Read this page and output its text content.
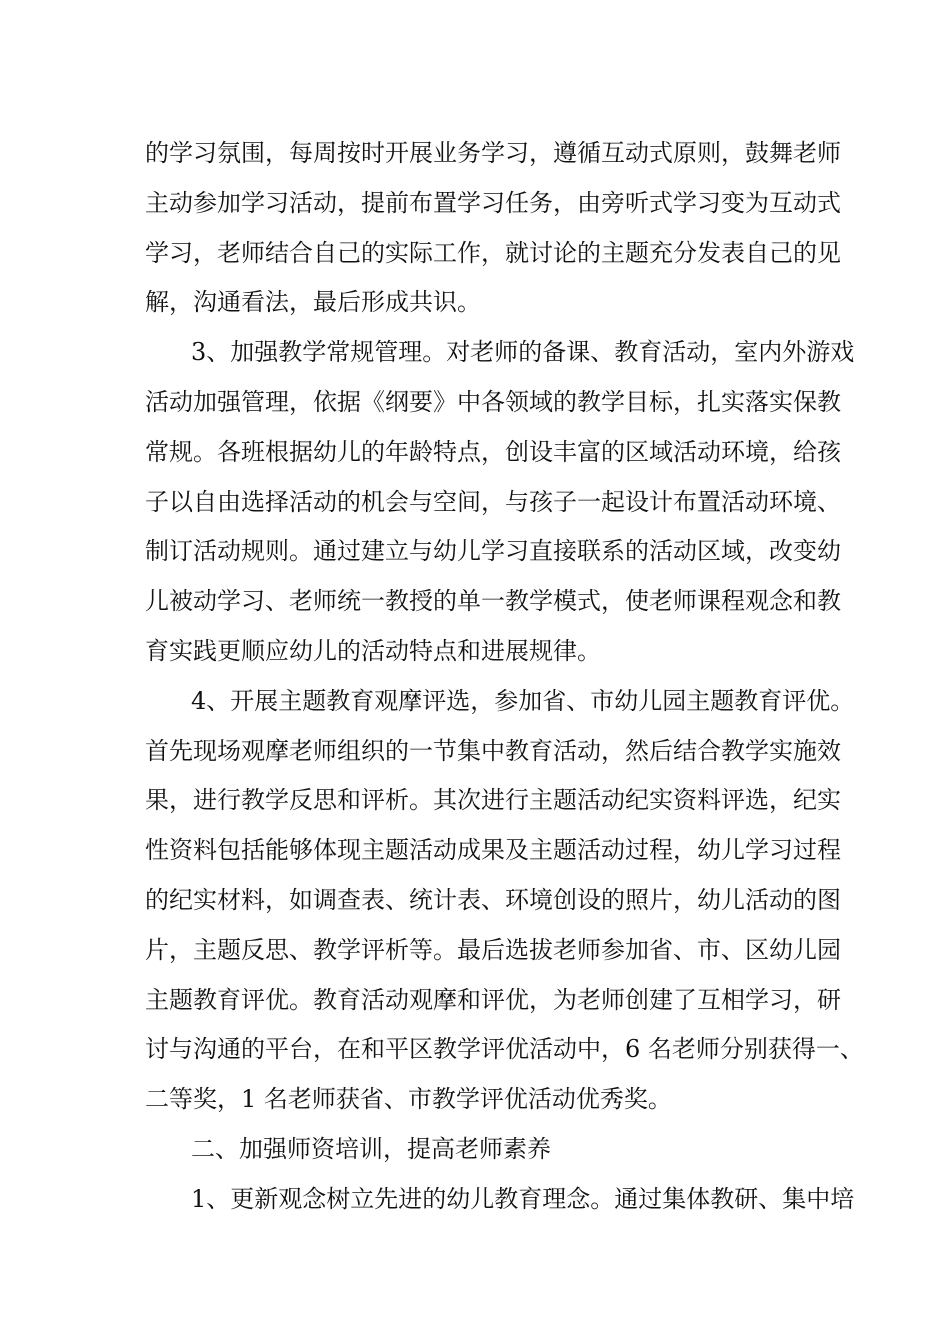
的学习氛围，每周按时开展业务学习，遵循互动式原则，鼓舞老师
主动参加学习活动，提前布置学习任务，由旁听式学习变为互动式
学习，老师结合自己的实际工作，就讨论的主题充分发表自己的见
解，沟通看法，最后形成共识。
3、加强教学常规管理。对老师的备课、教育活动，室内外游戏
活动加强管理，依据《纲要》中各领域的教学目标，扎实落实保教
常规。各班根据幼儿的年龄特点，创设丰富的区域活动环境，给孩
子以自由选择活动的机会与空间，与孩子一起设计布置活动环境、
制订活动规则。通过建立与幼儿学习直接联系的活动区域，改变幼
儿被动学习、老师统一教授的单一教学模式，使老师课程观念和教
育实践更顺应幼儿的活动特点和进展规律。
4、开展主题教育观摩评选，参加省、市幼儿园主题教育评优。
首先现场观摩老师组织的一节集中教育活动，然后结合教学实施效
果，进行教学反思和评析。其次进行主题活动纪实资料评选，纪实
性资料包括能够体现主题活动成果及主题活动过程，幼儿学习过程
的纪实材料，如调查表、统计表、环境创设的照片，幼儿活动的图
片，主题反思、教学评析等。最后选拔老师参加省、市、区幼儿园
主题教育评优。教育活动观摩和评优，为老师创建了互相学习，研
讨与沟通的平台，在和平区教学评优活动中，6 名老师分别获得一、
二等奖，1 名老师获省、市教学评优活动优秀奖。
二、加强师资培训，提高老师素养
1、更新观念树立先进的幼儿教育理念。通过集体教研、集中培
